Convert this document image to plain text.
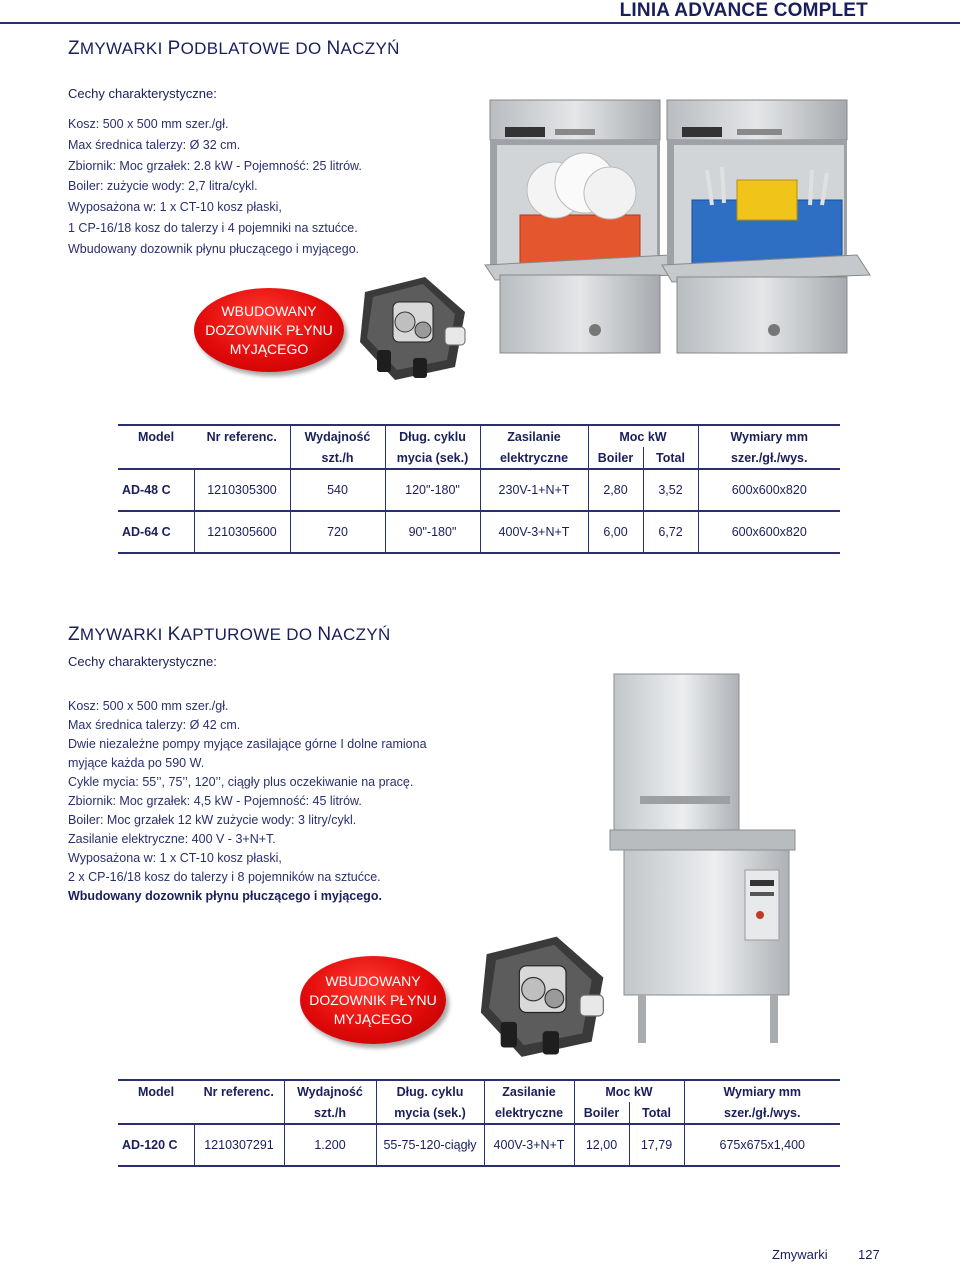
LINIA ADVANCE COMPLET
ZMYWARKI PODBLATOWE DO NACZYŃ
Cechy charakterystyczne:
Kosz: 500 x 500 mm szer./gł.
Max średnica talerzy: Ø 32 cm.
Zbiornik: Moc grzałek: 2.8 kW - Pojemność: 25 litrów.
Boiler: zużycie wody: 2,7 litra/cykl.
Wyposażona w: 1 x CT-10 kosz płaski,
1 CP-16/18 kosz do talerzy i 4 pojemniki na sztućce.
Wbudowany dozownik płynu płuczącego i myjącego.
WBUDOWANY
DOZOWNIK PŁYNU
MYJĄCEGO
Model	Nr referenc.	Wydajność	Dług. cyklu	Zasilanie	Moc kW		Wymiary mm
		szt./h	mycia (sek.)	elektryczne	Boiler	Total	szer./gł./wys.
AD-48 C	1210305300	540	120"-180"	230V-1+N+T	2,80	3,52	600x600x820
AD-64 C	1210305600	720	90"-180"	400V-3+N+T	6,00	6,72	600x600x820
ZMYWARKI KAPTUROWE DO NACZYŃ
Cechy charakterystyczne:
Kosz: 500 x 500 mm szer./gł.
Max średnica talerzy: Ø 42 cm.
Dwie niezależne pompy myjące zasilające górne I dolne ramiona
myjące każda po 590 W.
Cykle mycia: 55’’, 75’’, 120’’, ciągły plus oczekiwanie na pracę.
Zbiornik: Moc grzałek: 4,5 kW - Pojemność: 45 litrów.
Boiler: Moc grzałek 12 kW zużycie wody: 3 litry/cykl.
Zasilanie elektryczne: 400 V - 3+N+T.
Wyposażona w: 1 x CT-10 kosz płaski,
2 x CP-16/18 kosz do talerzy i 8 pojemników na sztućce.
Wbudowany dozownik płynu płuczącego i myjącego.
WBUDOWANY
DOZOWNIK PŁYNU
MYJĄCEGO
Model	Nr referenc.	Wydajność	Dług. cyklu	Zasilanie	Moc kW		Wymiary mm
		szt./h	mycia (sek.)	elektryczne	Boiler	Total	szer./gł./wys.
AD-120 C	1210307291	1.200	55-75-120-ciągły	400V-3+N+T	12,00	17,79	675x675x1,400
Zmywarki 127
